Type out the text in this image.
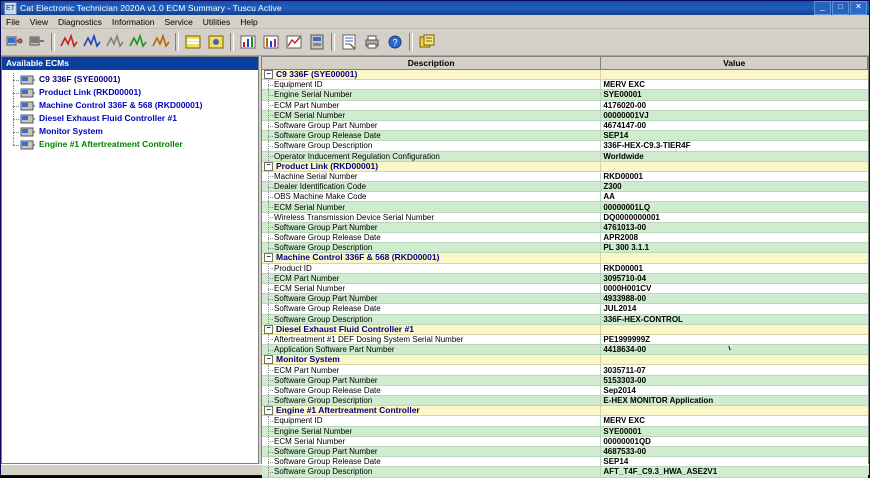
ET Cat Electronic Technician 2020A v1.0 ECM Summary - Tuscu Active	_	□	✕
File	View	Diagnostics	Information	Service	Utilities	Help
?
Available ECMs
C9 336F (SYE00001)
Product Link (RKD00001)
Machine Control 336F & 568 (RKD00001)
Diesel Exhaust Fluid Controller #1
Monitor System
Engine #1 Aftertreatment Controller
Description	Value
− C9 336F (SYE00001)
Equipment ID	MERV EXC
Engine Serial Number	SYE00001
ECM Part Number	4176020-00
ECM Serial Number	00000001VJ
Software Group Part Number	4674147-00
Software Group Release Date	SEP14
Software Group Description	336F-HEX-C9.3-TIER4F
Operator Inducement Regulation Configuration	Worldwide
− Product Link (RKD00001)
Machine Serial Number	RKD00001
Dealer Identification Code	Z300
OBS Machine Make Code	AA
ECM Serial Number	00000001LQ
Wireless Transmission Device Serial Number	DQ0000000001
Software Group Part Number	4761013-00
Software Group Release Date	APR2008
Software Group Description	PL 300 3.1.1
− Machine Control 336F & 568 (RKD00001)
Product ID	RKD00001
ECM Part Number	3095710-04
ECM Serial Number	0000H001CV
Software Group Part Number	4933988-00
Software Group Release Date	JUL2014
Software Group Description	336F-HEX-CONTROL
− Diesel Exhaust Fluid Controller #1
Aftertreatment #1 DEF Dosing System Serial Number	PE1999999Z
Application Software Part Number	4418634-00
− Monitor System
ECM Part Number	3035711-07
Software Group Part Number	5153303-00
Software Group Release Date	Sep2014
Software Group Description	E-HEX MONITOR Application
− Engine #1 Aftertreatment Controller
Equipment ID	MERV EXC
Engine Serial Number	SYE00001
ECM Serial Number	00000001QD
Software Group Part Number	4687533-00
Software Group Release Date	SEP14
Software Group Description	AFT_T4F_C9.3_HWA_ASE2V1
